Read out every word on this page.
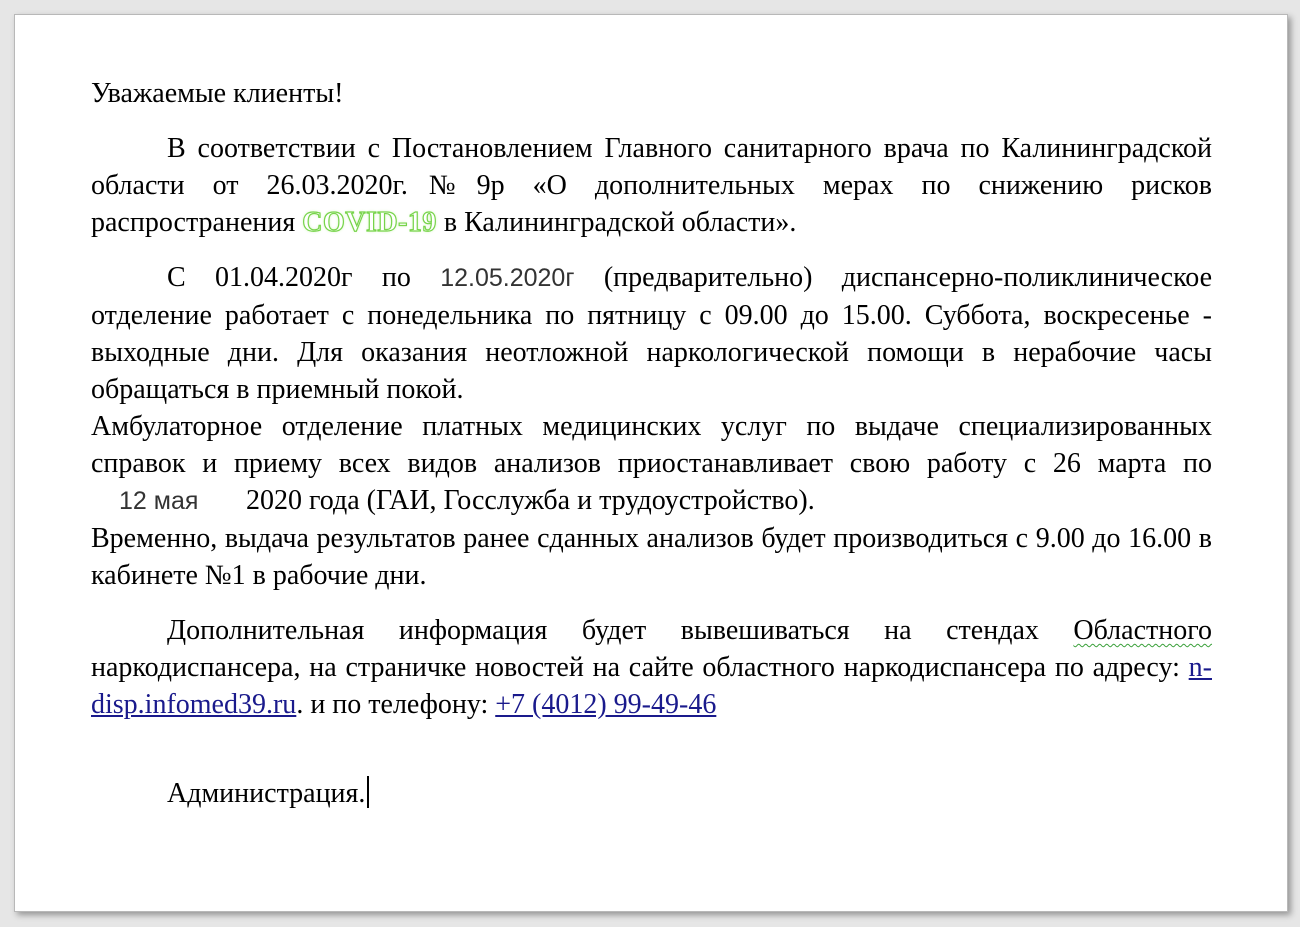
Уважаемые клиенты!

В соответствии с Постановлением Главного санитарного врача по Калининградской области от 26.03.2020г.№9р «О дополнительных мерах по снижению рисков распространения COVID-19 в Калининградской области».

С 01.04.2020г по 12.05.2020г (предварительно) диспансерно-поликлиническое отделение работает с понедельника по пятницу с 09.00 до 15.00. Суббота, воскресенье - выходные дни. Для оказания неотложной наркологической помощи в нерабочие часы обращаться в приемный покой.

Амбулаторное отделение платных медицинских услуг по выдаче специализированных справок и приему всех видов анализов приостанавливает свою работу с 26 марта по 12 мая 2020 года (ГАИ, Госслужба и трудоустройство).

Временно, выдача результатов ранее сданных анализов будет производиться с 9.00 до 16.00 в кабинете №1 в рабочие дни.

Дополнительная информация будет вывешиваться на стендах Областного наркодиспансера, на страничке новостей на сайте областного наркодиспансера по адресу: n-disp.infomed39.ru. и по телефону: +7 (4012) 99-49-46

Администрация.
